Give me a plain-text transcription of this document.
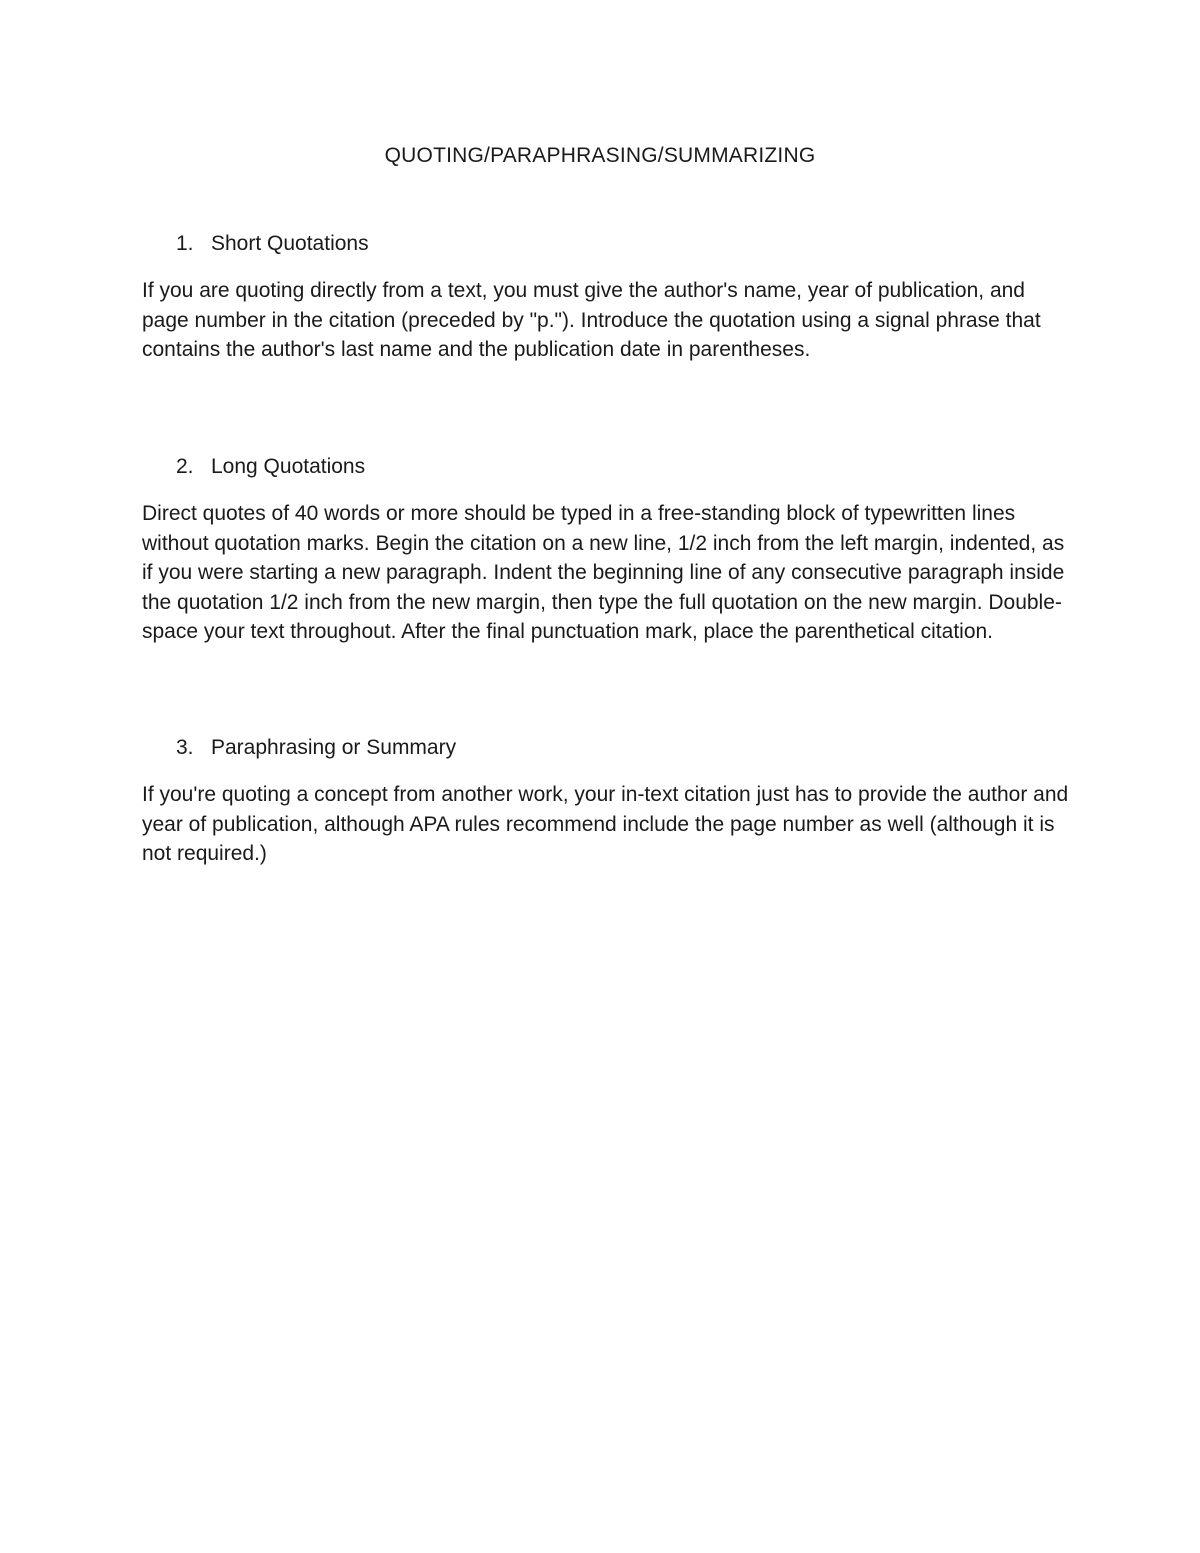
QUOTING/PARAPHRASING/SUMMARIZING
1. Short Quotations
If you are quoting directly from a text, you must give the author's name, year of publication, and page number in the citation (preceded by "p."). Introduce the quotation using a signal phrase that contains the author's last name and the publication date in parentheses.
2. Long Quotations
Direct quotes of 40 words or more should be typed in a free-standing block of typewritten lines without quotation marks. Begin the citation on a new line, 1/2 inch from the left margin, indented, as if you were starting a new paragraph. Indent the beginning line of any consecutive paragraph inside the quotation 1/2 inch from the new margin, then type the full quotation on the new margin. Double-space your text throughout. After the final punctuation mark, place the parenthetical citation.
3. Paraphrasing or Summary
If you're quoting a concept from another work, your in-text citation just has to provide the author and year of publication, although APA rules recommend include the page number as well (although it is not required.)
